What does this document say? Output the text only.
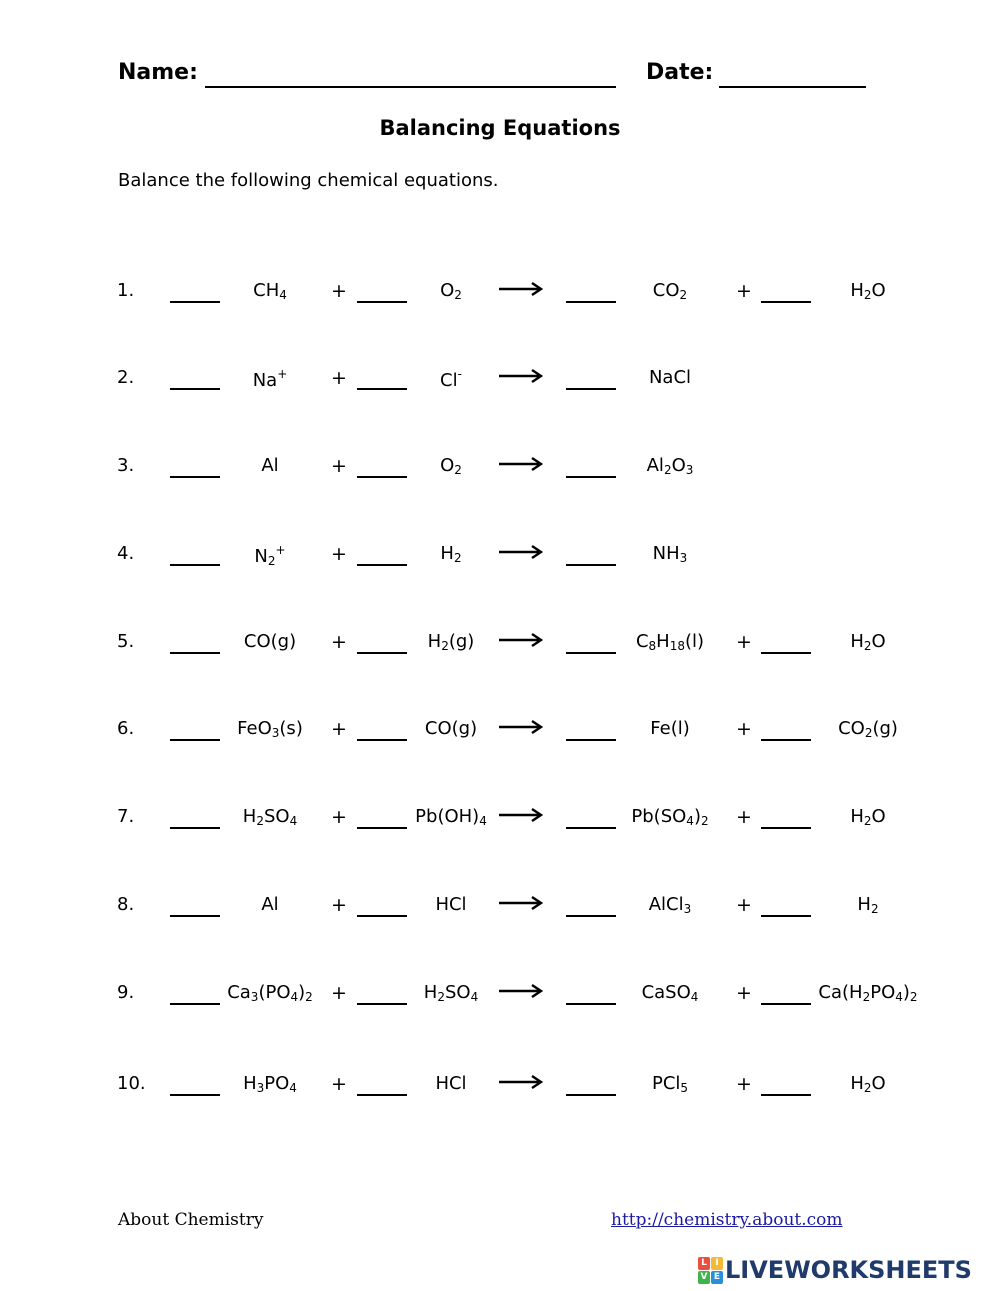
Name:	Date:
Balancing Equations
Balance the following chemical equations.
1.	$CH_4$ +	$O_2$	$CO_2$	+	$H_2O$
2.	Na+ +	Cl-	NaCl
3.	Al	+	$O_2$	$Al_2O_3$
4.	$N_2^+$ +	$H_2$	$NH_3$
5.	CO(g) +	$H_2(g)$	$C_8H_{18}(l)$ +	$H_2O$
6.	FeO$_3$(s) +	CO(g) →	Fe(l) +	$CO_2(g)$
7.	$H_2SO_4$ +	$Pb(OH)_4$ →	$Pb(SO_4)_2$ +	$H_2O$
8.	Al	+	HCl	AlCl$_3$ +	$H_2$
9.	$Ca_3(PO_4)_2$ +	$H_2SO_4$ →	CaSO$_4$ +	$Ca(H_2PO_4)_2$
10.	$H_3PO_4$ +	HCl	PCl$_5$	+	$H_2O$
About Chemistry	http://chemistry.about.com
L I
V E LIVEWORKSHEETS
